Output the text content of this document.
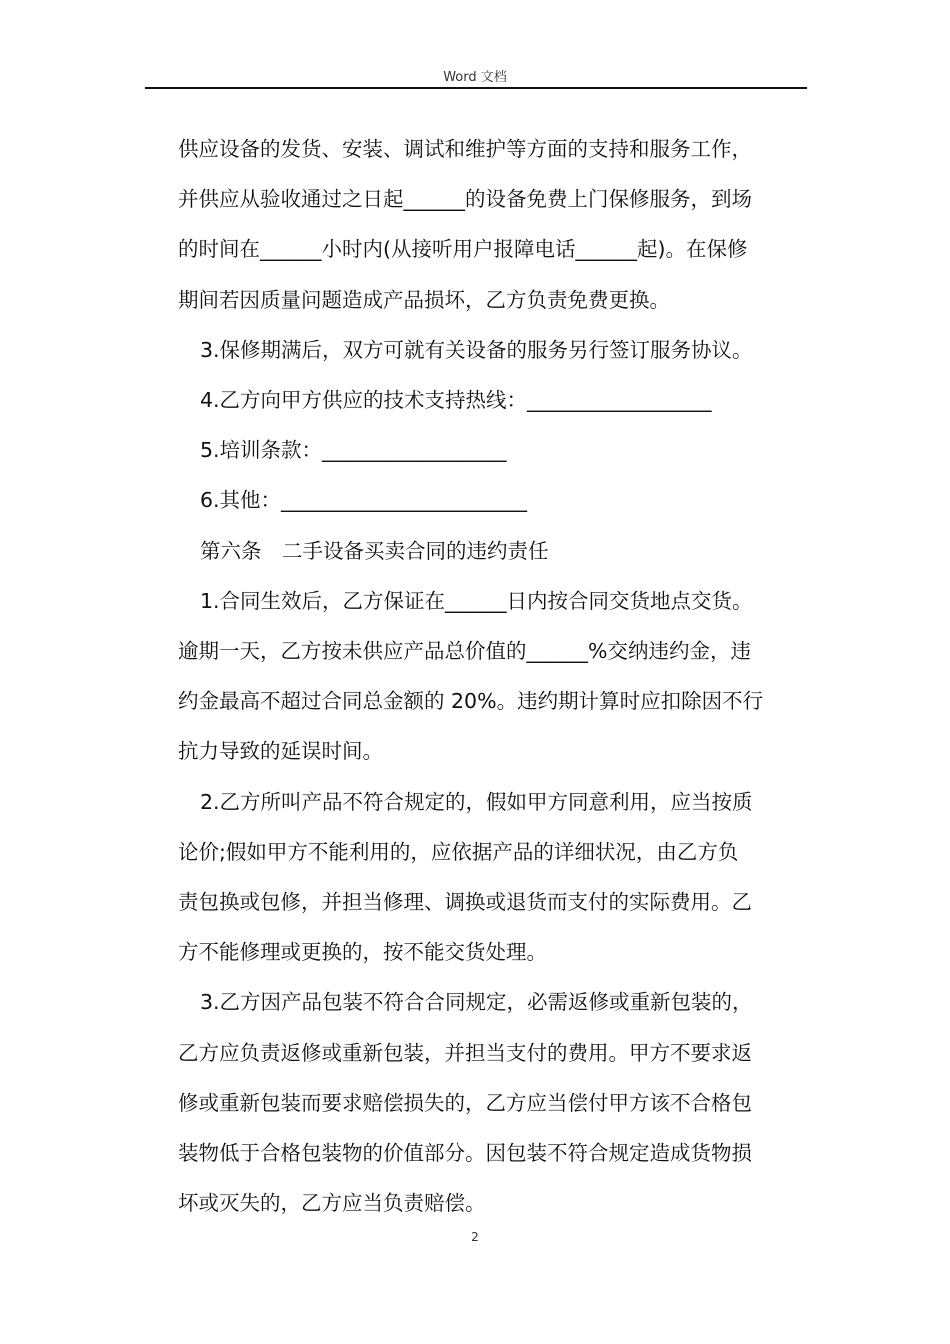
Word 文档

供应设备的发货、安装、调试和维护等方面的支持和服务工作，

并供应从验收通过之日起______的设备免费上门保修服务，到场

的时间在______小时内(从接听用户报障电话______起)。在保修

期间若因质量问题造成产品损坏，乙方负责免费更换。

3.保修期满后，双方可就有关设备的服务另行签订服务协议。

4.乙方向甲方供应的技术支持热线：__________________

5.培训条款：__________________

6.其他：________________________

第六条　二手设备买卖合同的违约责任

1.合同生效后，乙方保证在______日内按合同交货地点交货。

逾期一天，乙方按未供应产品总价值的______%交纳违约金，违

约金最高不超过合同总金额的 20%。违约期计算时应扣除因不行

抗力导致的延误时间。

2.乙方所叫产品不符合规定的，假如甲方同意利用，应当按质

论价;假如甲方不能利用的，应依据产品的详细状况，由乙方负

责包换或包修，并担当修理、调换或退货而支付的实际费用。乙

方不能修理或更换的，按不能交货处理。

3.乙方因产品包装不符合合同规定，必需返修或重新包装的，

乙方应负责返修或重新包装，并担当支付的费用。甲方不要求返

修或重新包装而要求赔偿损失的，乙方应当偿付甲方该不合格包

装物低于合格包装物的价值部分。因包装不符合规定造成货物损

坏或灭失的，乙方应当负责赔偿。

2
